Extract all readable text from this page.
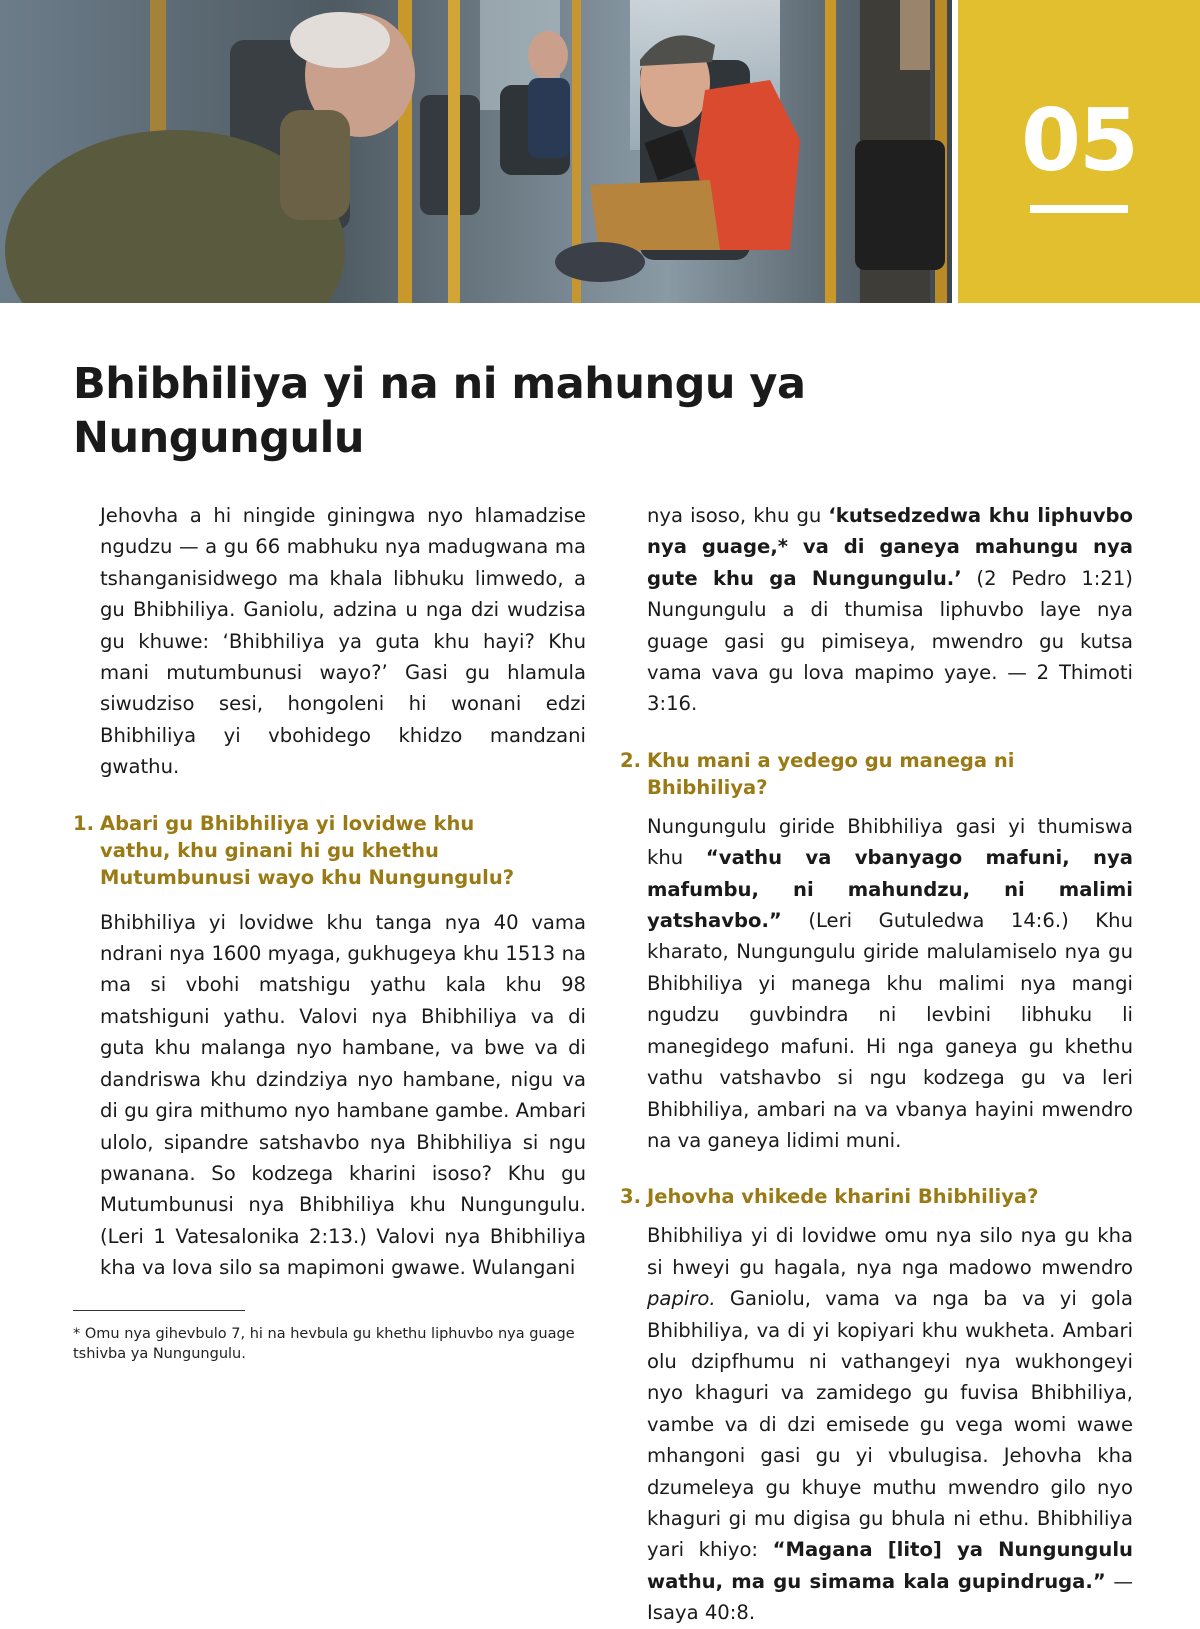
05
Bhibhiliya yi na ni mahungu ya Nungungulu

Jehovha a hi ningide giningwa nyo hlamadzise ngudzu — a gu 66 mabhuku nya madugwana ma tshanganisidwego ma khala libhuku limwedo, a gu Bhibhiliya. Ganiolu, adzina u nga dzi wudzisa gu khuwe: ‘Bhibhiliya ya guta khu hayi? Khu mani mutumbunusi wayo?’ Gasi gu hlamula siwudziso sesi, hongoleni hi wonani edzi Bhibhiliya yi vbohidego khidzo mandzani gwathu.

1. Abari gu Bhibhiliya yi lovidwe khu vathu, khu ginani hi gu khethu Mutumbunusi wayo khu Nungungulu?

Bhibhiliya yi lovidwe khu tanga nya 40 vama ndrani nya 1600 myaga, gukhugeya khu 1513 na ma si vbohi matshigu yathu kala khu 98 matshiguni yathu. Valovi nya Bhibhiliya va di guta khu malanga nyo hambane, va bwe va di dandriswa khu dzindziya nyo hambane, nigu va di gu gira mithumo nyo hambane gambe. Ambari ulolo, sipandre satshavbo nya Bhibhiliya si ngu pwanana. So kodzega kharini isoso? Khu gu Mutumbunusi nya Bhibhiliya khu Nungungulu. (Leri 1 Vatesalonika 2:13.) Valovi nya Bhibhiliya kha va lova silo sa mapimoni gwawe. Wulangani

* Omu nya gihevbulo 7, hi na hevbula gu khethu liphuvbo nya guage tshivba ya Nungungulu.

nya isoso, khu gu ‘kutsedzedwa khu liphuvbo nya guage,* va di ganeya mahungu nya gute khu ga Nungungulu.’ (2 Pedro 1:21) Nungungulu a di thumisa liphuvbo laye nya guage gasi gu pimiseya, mwendro gu kutsa vama vava gu lova mapimo yaye. — 2 Thimoti 3:16.

2. Khu mani a yedego gu manega ni Bhibhiliya?

Nungungulu giride Bhibhiliya gasi yi thumiswa khu “vathu va vbanyago mafuni, nya mafumbu, ni mahundzu, ni malimi yatshavbo.” (Leri Gutuledwa 14:6.) Khu kharato, Nungungulu giride malulamiselo nya gu Bhibhiliya yi manega khu malimi nya mangi ngudzu guvbindra ni levbini libhuku li manegidego mafuni. Hi nga ganeya gu khethu vathu vatshavbo si ngu kodzega gu va leri Bhibhiliya, ambari na va vbanya hayini mwendro na va ganeya lidimi muni.

3. Jehovha vhikede kharini Bhibhiliya?

Bhibhiliya yi di lovidwe omu nya silo nya gu kha si hweyi gu hagala, nya nga madowo mwendro papiro. Ganiolu, vama va nga ba va yi gola Bhibhiliya, va di yi kopiyari khu wukheta. Ambari olu dzipfhumu ni vathangeyi nya wukhongeyi nyo khaguri va zamidego gu fuvisa Bhibhiliya, vambe va di dzi emisede gu vega womi wawe mhangoni gasi gu yi vbulugisa. Jehovha kha dzumeleya gu khuye muthu mwendro gilo nyo khaguri gi mu digisa gu bhula ni ethu. Bhibhiliya yari khiyo: “Magana [lito] ya Nungungulu wathu, ma gu simama kala gupindruga.” — Isaya 40:8.
